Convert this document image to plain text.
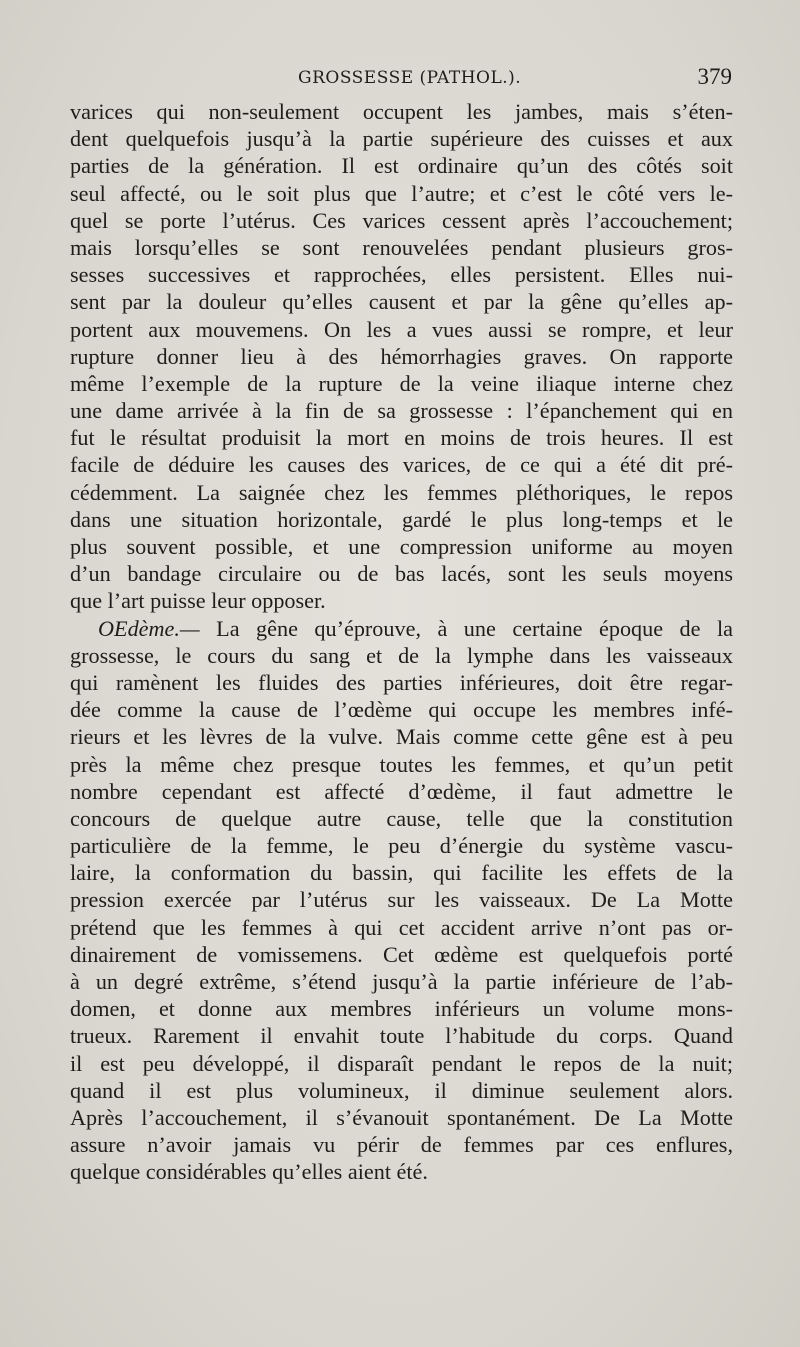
GROSSESSE (PATHOL.).	379
varices qui non-seulement occupent les jambes, mais s’éten-
dent quelquefois jusqu’à la partie supérieure des cuisses et aux
parties de la génération. Il est ordinaire qu’un des côtés soit
seul affecté, ou le soit plus que l’autre; et c’est le côté vers le-
quel se porte l’utérus. Ces varices cessent après l’accouchement;
mais lorsqu’elles se sont renouvelées pendant plusieurs gros-
sesses successives et rapprochées, elles persistent. Elles nui-
sent par la douleur qu’elles causent et par la gêne qu’elles ap-
portent aux mouvemens. On les a vues aussi se rompre, et leur
rupture donner lieu à des hémorrhagies graves. On rapporte
même l’exemple de la rupture de la veine iliaque interne chez
une dame arrivée à la fin de sa grossesse : l’épanchement qui en
fut le résultat produisit la mort en moins de trois heures. Il est
facile de déduire les causes des varices, de ce qui a été dit pré-
cédemment. La saignée chez les femmes pléthoriques, le repos
dans une situation horizontale, gardé le plus long-temps et le
plus souvent possible, et une compression uniforme au moyen
d’un bandage circulaire ou de bas lacés, sont les seuls moyens
que l’art puisse leur opposer.
OEdème.— La gêne qu’éprouve, à une certaine époque de la
grossesse, le cours du sang et de la lymphe dans les vaisseaux
qui ramènent les fluides des parties inférieures, doit être regar-
dée comme la cause de l’œdème qui occupe les membres infé-
rieurs et les lèvres de la vulve. Mais comme cette gêne est à peu
près la même chez presque toutes les femmes, et qu’un petit
nombre cependant est affecté d’œdème, il faut admettre le
concours de quelque autre cause, telle que la constitution
particulière de la femme, le peu d’énergie du système vascu-
laire, la conformation du bassin, qui facilite les effets de la
pression exercée par l’utérus sur les vaisseaux. De La Motte
prétend que les femmes à qui cet accident arrive n’ont pas or-
dinairement de vomissemens. Cet œdème est quelquefois porté
à un degré extrême, s’étend jusqu’à la partie inférieure de l’ab-
domen, et donne aux membres inférieurs un volume mons-
trueux. Rarement il envahit toute l’habitude du corps. Quand
il est peu développé, il disparaît pendant le repos de la nuit;
quand il est plus volumineux, il diminue seulement alors.
Après l’accouchement, il s’évanouit spontanément. De La Motte
assure n’avoir jamais vu périr de femmes par ces enflures,
quelque considérables qu’elles aient été.
